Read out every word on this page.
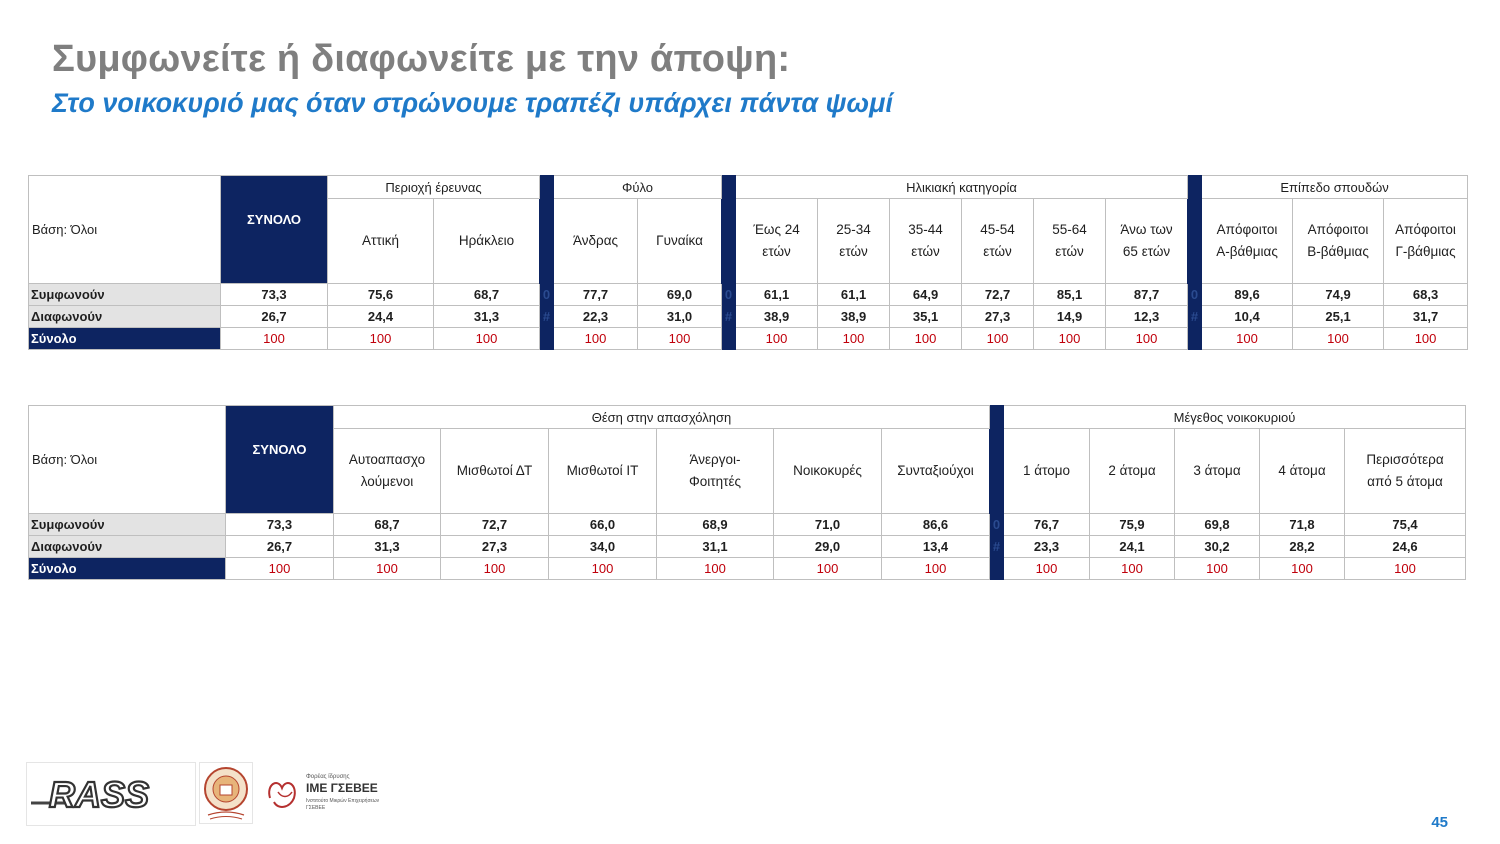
Συμφωνείτε ή διαφωνείτε με την άποψη:
Στο νοικοκυριό μας όταν στρώνουμε τραπέζι υπάρχει πάντα ψωμί
Βάση: Όλοι	ΣΥΝΟΛΟ	Περιοχή έρευνας			Φύλο			Ηλικιακή κατηγορία							Επίπεδο σπουδών		
		Αττική	Ηράκλειο		Άνδρας	Γυναίκα		Έως 24
ετών	25-34
ετών	35-44
ετών	45-54
ετών	55-64
ετών	Άνω των
65 ετών		Απόφοιτοι
Α-βάθμιας	Απόφοιτοι
Β-βάθμιας	Απόφοιτοι
Γ-βάθμιας
Συμφωνούν	73,3	75,6	68,7	0	77,7	69,0	0	61,1	61,1	64,9	72,7	85,1	87,7	0	89,6	74,9	68,3
Διαφωνούν	26,7	24,4	31,3	#	22,3	31,0	#	38,9	38,9	35,1	27,3	14,9	12,3	#	10,4	25,1	31,7
Σύνολο	100	100	100		100	100		100	100	100	100	100	100		100	100	100
Βάση: Όλοι	ΣΥΝΟΛΟ	Θέση στην απασχόληση							Μέγεθος νοικοκυριού				
		Αυτοαπασχο
λούμενοι	Μισθωτοί ΔΤ	Μισθωτοί ΙΤ	Άνεργοι-
Φοιτητές	Νοικοκυρές	Συνταξιούχοι		1 άτομο	2 άτομα	3 άτομα	4 άτομα	Περισσότερα
από 5 άτομα
Συμφωνούν	73,3	68,7	72,7	66,0	68,9	71,0	86,6	0	76,7	75,9	69,8	71,8	75,4
Διαφωνούν	26,7	31,3	27,3	34,0	31,1	29,0	13,4	#	23,3	24,1	30,2	28,2	24,6
Σύνολο	100	100	100	100	100	100	100		100	100	100	100	100
RASS	Φορέας ίδρυσης
ΙΜΕ ΓΣΕΒΕΕ
Ινστιτούτο Μικρών Επιχειρήσεων
ΓΣΕΒΕΕ
45
